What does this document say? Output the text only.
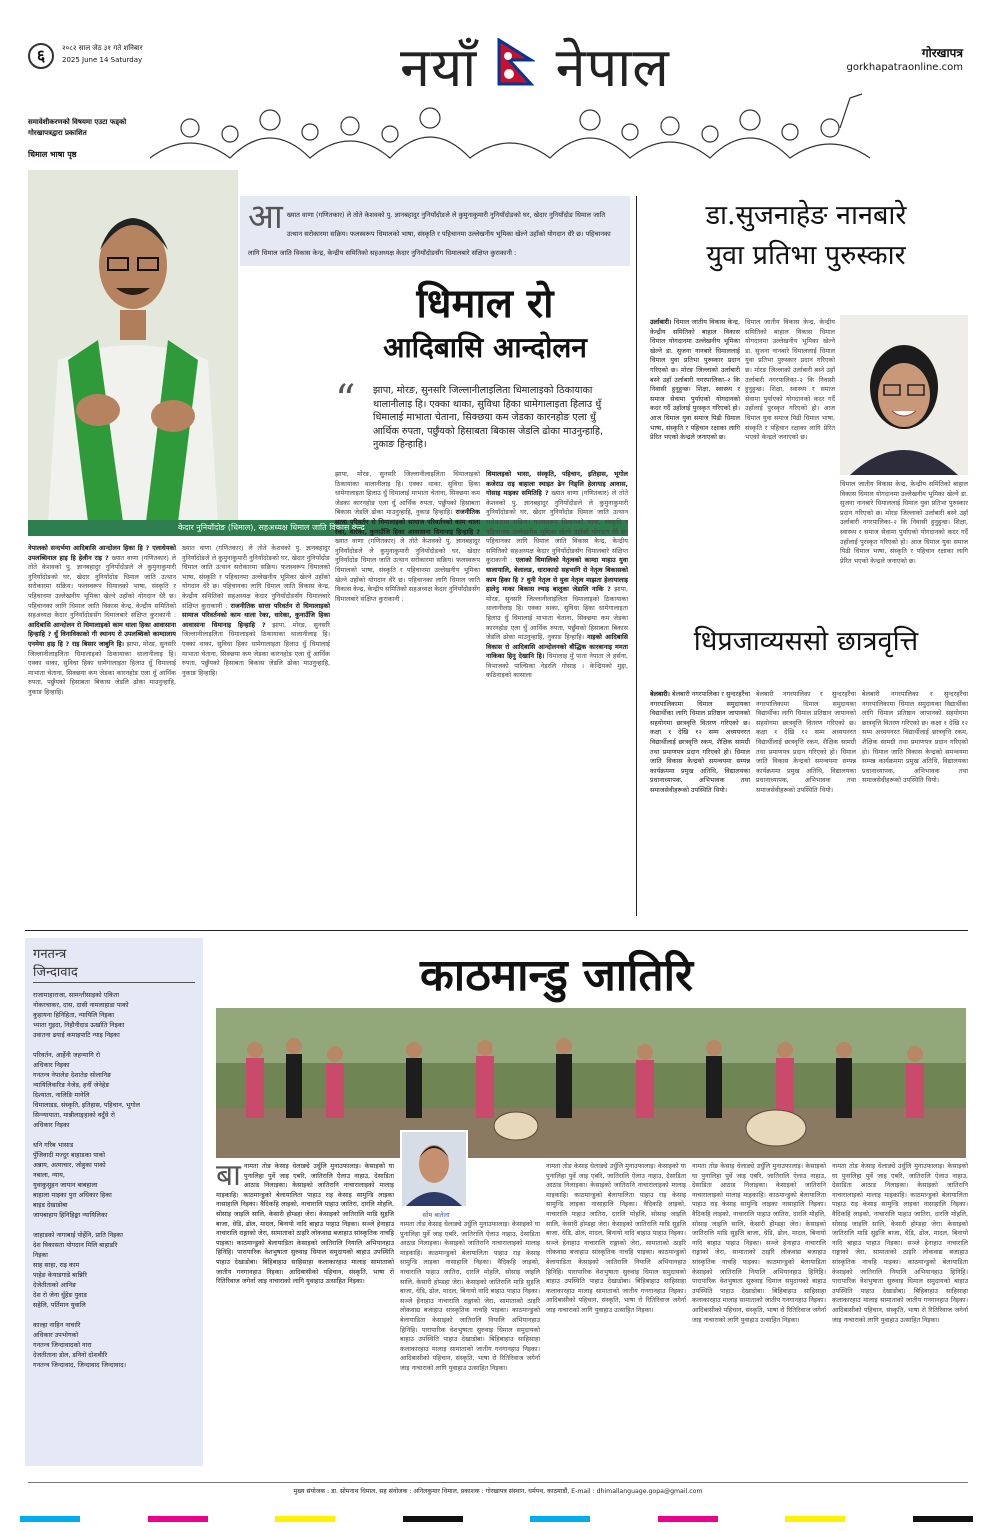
६	२०८२ साल जेठ ३१ गते शनिबार
2025 June 14 Saturday	नयाँ नेपाल	गोरखापत्र
gorkhapatraonline.com
समावेशीकरणको विषयमा एउटा फड्को
गोरखापत्रद्वारा प्रकाशित
धिमाल भाषा पृष्ठ
केदार नुनियाँदोङ (धिमाल), सहअध्यक्ष धिमाल जाति विकास केन्द्र
आ ख्यात वाणा (गणितकार) ले तोते केशवको पु. ज्ञानबहादुर नुनियाँदोङले ले कुमुनाकुमारी नुनियाँदोङको घर, खेदार नुनियाँदोङ धिमाल जाति उत्थान सरोकारमा सक्रिय। फलस्वरूप धिमालको भाषा, संस्कृति र पहिचानमा उल्लेखनीय भूमिका खेल्ने उहाँको योगदान धेरै छ। पहिचानका लागि धिमाल जाति विकास केन्द्र, केन्द्रीय समितिको सहअध्यक्ष केदार नुनियाँदोङसँग धिमालबारे संक्षिप्त कुराकानी :
धिमाल रो
आदिबासि आन्दोलन
“ झापा, मोरङ, सुनसरि जिल्लानीलाइलिता धिमालाइको ठिकायाका थालानीलाइ हि। एक्का थाका, सुविधा हिका धामेगालाइता हिलाउ धुँ धिमालाई माभाता चेताना, सिक्छया कम जेडका कारनहोङ एला धुँ आर्थिक रुपता, पर्छुँयको हिसाबता बिकास जेडलि ढोका माउनुन्हाहि, नुकाङ हिन्हाहि।
नेपालको सन्दर्भमा आदिबासि आन्दोलन हिका हि ? एलाधेयको उपलब्धिनाल हाइ हि हेलीन राइ ? ख्यात वाणा (गणितकार) ले तोते केशवको पु. ज्ञानबहादुर नुनियाँदोङले ले कुमुनाकुमारी नुनियाँदोङको घर, खेदार नुनियाँदोङ धिमाल जाति उत्थान सरोकारमा सक्रिय। फलस्वरूप धिमालको भाषा, संस्कृति र पहिचानमा उल्लेखनीय भूमिका खेल्ने उहाँको योगदान धेरै छ। पहिचानका लागि धिमाल जाति विकास केन्द्र, केन्द्रीय समितिको सहअध्यक्ष केदार नुनियाँदोङसँग धिमालबारे संक्षिप्त कुराकानी : आदिबासि आन्दोलन रो धिमालाइको काम थाला हिका आवासाना हिन्हाहि ? धुँ विनाविकाको गी स्थानय रो उपलब्धिको काम्दालाय एनमेया हाइ हि ? राइ बिसार जाबुनि हि। झापा, मोरङ, सुनसरि जिल्लानीलाइलिता धिमालाइको ठिकायाका थालानीलाइ हि। एक्का थाका, सुविधा हिका धामेगालाइता हिलाउ धुँ धिमालाई माभाता चेताना, सिक्छया कम जेडका कारनहोङ एला धुँ आर्थिक रुपता, पर्छुँयको हिसाबता बिकास जेडलि ढोका माउनुन्हाहि, नुकाङ हिन्हाहि।
ख्यात वाणा (गणितकार) ले तोते केशवको पु. ज्ञानबहादुर नुनियाँदोङले ले कुमुनाकुमारी नुनियाँदोङको घर, खेदार नुनियाँदोङ धिमाल जाति उत्थान सरोकारमा सक्रिय। फलस्वरूप धिमालको भाषा, संस्कृति र पहिचानमा उल्लेखनीय भूमिका खेल्ने उहाँको योगदान धेरै छ। पहिचानका लागि धिमाल जाति विकास केन्द्र, केन्द्रीय समितिको सहअध्यक्ष केदार नुनियाँदोङसँग धिमालबारे संक्षिप्त कुराकानी : राजनीतिक सात्ता परिवर्तन रो धिमालाइको सामाज परिवर्तनको काम थाला रेका, धारेका, कुनाउँजि हिका आवासाना धिमानाइ हिन्हाहि ? झापा, मोरङ, सुनसरि जिल्लानीलाइलिता धिमालाइको ठिकायाका थालानीलाइ हि। एक्का थाका, सुविधा हिका धामेगालाइता हिलाउ धुँ धिमालाई माभाता चेताना, सिक्छया कम जेडका कारनहोङ एला धुँ आर्थिक रुपता, पर्छुँयको हिसाबता बिकास जेडलि ढोका माउनुन्हाहि, नुकाङ हिन्हाहि।
झापा, मोरङ, सुनसरि जिल्लानीलाइलिता धिमालाइको ठिकायाका थालानीलाइ हि। एक्का थाका, सुविधा हिका धामेगालाइता हिलाउ धुँ धिमालाई माभाता चेताना, सिक्छया कम जेडका कारनहोङ एला धुँ आर्थिक रुपता, पर्छुँयको हिसाबता बिकास जेडलि ढोका माउनुन्हाहि, नुकाङ हिन्हाहि। राजनीतिक सात्ता परिवर्तन रो धिमालाइको सामाज परिवर्तनको काम थाला रेका, धारेका, कुनाउँजि हिका आवासाना धिमानाइ हिन्हाहि ? ख्यात वाणा (गणितकार) ले तोते केशवको पु. ज्ञानबहादुर नुनियाँदोङले ले कुमुनाकुमारी नुनियाँदोङको घर, खेदार नुनियाँदोङ धिमाल जाति उत्थान सरोकारमा सक्रिय। फलस्वरूप धिमालको भाषा, संस्कृति र पहिचानमा उल्लेखनीय भूमिका खेल्ने उहाँको योगदान धेरै छ। पहिचानका लागि धिमाल जाति विकास केन्द्र, केन्द्रीय समितिको सहअध्यक्ष केदार नुनियाँदोङसँग धिमालबारे संक्षिप्त कुराकानी :
धिमालइको भासा, संस्कृति, पहिचान, इतिहास, भूगोल कजेराउ राइ बाहाला स्थाइत ढेन निङ्लि हेलायाइ आवास, गोसाइ माइका समितिहि ? ख्यात वाणा (गणितकार) ले तोते केशवको पु. ज्ञानबहादुर नुनियाँदोङले ले कुमुनाकुमारी नुनियाँदोङको घर, खेदार नुनियाँदोङ धिमाल जाति उत्थान सरोकारमा सक्रिय। फलस्वरूप धिमालको भाषा, संस्कृति र पहिचानमा उल्लेखनीय भूमिका खेल्ने उहाँको योगदान धेरै छ। पहिचानका लागि धिमाल जाति विकास केन्द्र, केन्द्रीय समितिको सहअध्यक्ष केदार नुनियाँदोङसँग धिमालबारे संक्षिप्त कुराकानी : एलाको धिमालिको नेतृत्वको काम्दा माहाउ युवा धालायालि, बेलालङ, धाराकादो सहभागि रो नेतृत्व बिकासको काम हिका हि ? धुनी नेतृत्व रो युवा नेतृत्व माझता हेलायालाइ हालेनु माका बिकास ल्याइ बालुका जेडालि नाकि ? झापा, मोरङ, सुनसरि जिल्लानीलाइलिता धिमालाइको ठिकायाका थालानीलाइ हि। एक्का थाका, सुविधा हिका धामेगालाइता हिलाउ धुँ धिमालाई माभाता चेताना, सिक्छया कम जेडका कारनहोङ एला धुँ आर्थिक रुपता, पर्छुँयको हिसाबता बिकास जेडलि ढोका माउनुन्हाहि, नुकाङ हिन्हाहि। नाइको आदिबासि विकास रो आदिबासि आन्दोलनको बौद्धिक कारबानाइ ममता नाकिका हिनु देखानि हि। धिमालाइ मुँ पाता नेपाता ले हर्सना, विभाजको पाल्सिका नेडरलि गोसाइ । केन्द्रियको मुद्दा, कठिनाइको कासाला
डा.सुजनाहेङ नानबारे
युवा प्रतिभा पुरुस्कार
उर्लाबारी। धिमाल जातीय विकास केन्द्र, केन्द्रीय समितिको बाहाल विकास धिमाल योगदानमा उल्लेखनीय भूमिका खेल्ने डा. सुजना नानबारे धिमाललाई धिमाल युवा प्रतिभा पुरुस्कार प्रदान गरिएको छ। मोरङ जिल्लाको उर्लाबारी बस्ने उहाँ उर्लाबारी नगरपालिका–२ कि निवासी हुनुहुन्छ। शिक्षा, स्वास्थ्य र समाज सेवामा पुर्याएको योगदानको कदर गर्दै उहाँलाई पुरस्कृत गरिएको हो। आज धिमाल युवा समाज पिढी धिमाल भाषा, संस्कृति र पहिचान रक्षाका लागि प्रेरित भएको केन्द्रले जनाएको छ।
धिमाल जातीय विकास केन्द्र, केन्द्रीय समितिको बाहाल विकास धिमाल योगदानमा उल्लेखनीय भूमिका खेल्ने डा. सुजना नानबारे धिमाललाई धिमाल युवा प्रतिभा पुरुस्कार प्रदान गरिएको छ। मोरङ जिल्लाको उर्लाबारी बस्ने उहाँ उर्लाबारी नगरपालिका–२ कि निवासी हुनुहुन्छ। शिक्षा, स्वास्थ्य र समाज सेवामा पुर्याएको योगदानको कदर गर्दै उहाँलाई पुरस्कृत गरिएको हो। आज धिमाल युवा समाज पिढी धिमाल भाषा, संस्कृति र पहिचान रक्षाका लागि प्रेरित भएको केन्द्रले जनाएको छ।
धिमाल जातीय विकास केन्द्र, केन्द्रीय समितिको बाहाल विकास धिमाल योगदानमा उल्लेखनीय भूमिका खेल्ने डा. सुजना नानबारे धिमाललाई धिमाल युवा प्रतिभा पुरुस्कार प्रदान गरिएको छ। मोरङ जिल्लाको उर्लाबारी बस्ने उहाँ उर्लाबारी नगरपालिका–२ कि निवासी हुनुहुन्छ। शिक्षा, स्वास्थ्य र समाज सेवामा पुर्याएको योगदानको कदर गर्दै उहाँलाई पुरस्कृत गरिएको हो। आज धिमाल युवा समाज पिढी धिमाल भाषा, संस्कृति र पहिचान रक्षाका लागि प्रेरित भएको केन्द्रले जनाएको छ।
धिप्रजाव्यससो छात्रवृत्ति
बेलबारी। बेलबारी नगरपालिका र सुन्दरहरैंचा नगरपालिकामा धिमाल समुदायका विद्यार्थीका लागि धिमाल प्रतिष्ठान जापानको सहयोगमा छात्रवृत्ति वितरण गरिएको छ। कक्षा १ देखि १२ सम्म अध्ययनरत विद्यार्थीलाई छात्रवृत्ति रकम, शैक्षिक सामग्री तथा प्रमाणपत्र प्रदान गरिएको हो। धिमाल जाति विकास केन्द्रको समन्वयमा सम्पन्न कार्यक्रममा प्रमुख अतिथि, विद्यालयका प्रधानाध्यापक, अभिभावक तथा समाजसेवीहरूको उपस्थिति थियो।
बेलबारी नगरपालिका र सुन्दरहरैंचा नगरपालिकामा धिमाल समुदायका विद्यार्थीका लागि धिमाल प्रतिष्ठान जापानको सहयोगमा छात्रवृत्ति वितरण गरिएको छ। कक्षा १ देखि १२ सम्म अध्ययनरत विद्यार्थीलाई छात्रवृत्ति रकम, शैक्षिक सामग्री तथा प्रमाणपत्र प्रदान गरिएको हो। धिमाल जाति विकास केन्द्रको समन्वयमा सम्पन्न कार्यक्रममा प्रमुख अतिथि, विद्यालयका प्रधानाध्यापक, अभिभावक तथा समाजसेवीहरूको उपस्थिति थियो।
बेलबारी नगरपालिका र सुन्दरहरैंचा नगरपालिकामा धिमाल समुदायका विद्यार्थीका लागि धिमाल प्रतिष्ठान जापानको सहयोगमा छात्रवृत्ति वितरण गरिएको छ। कक्षा १ देखि १२ सम्म अध्ययनरत विद्यार्थीलाई छात्रवृत्ति रकम, शैक्षिक सामग्री तथा प्रमाणपत्र प्रदान गरिएको हो। धिमाल जाति विकास केन्द्रको समन्वयमा सम्पन्न कार्यक्रममा प्रमुख अतिथि, विद्यालयका प्रधानाध्यापक, अभिभावक तथा समाजसेवीहरूको उपस्थिति थियो।
गनतन्त्र
जिन्दावाद
राजामाहाराजा, सामन्तीसाइको एकिता
नोकरचाकर, दास, दासी नामलाहाडा पाको
कुहायना हिनिहिता, न्यायिलि निइका
भ्याता गुइदा, निहौनीदाड ऊर्खाति निइका
उवातना ढयाई कमाइपाटि न्याइ निइका

परिवर्तन, आर्हेनी जहन्मागि रो
अधिकार निइका
गनतन्त्र नेपालेङ देशातेङ साेलानिङ
न्यायिलिवारिङ नेजेड, हर्नी जेनेहेङ
दिश्याता, नालिङि मानेलि
धिमालाडड, संस्कृति, इतिहास, पहिचान, भूगोल
सिन्न्यायाता, मान्नीलाङ्हाको वर्दुँधे रो
अधिकार निइका

धनि गरिब भासाड
पुँजिवादी मज्दुर बाहाडका पाको
अन्नाय, अत्याचार, जोहुका पाको
नबाला, न्याय,
युवाकुसुहन जायान बाबहाला
बाहाला माइका पुरा अधिकार हिका
बाइड देखाडोबा
जायबाहाय हिनिहिङ्का न्यायिलिका

जाहाडको नागाबाई पोर्हेनि, प्राति निइका
देश विकासता योगदान मिलि बाहाडरि
निइका
साह साहा, राइ काम
पाहेङ केयाडगाडे बान्निरि
देजेतीताको आनिङ
देश रो जेना धुँहेङ युवाड
सहेलि, पर्तिमान युवालि

काल्हा नाहिन नाचारि
अधिकार उपभोगको
गनतन्त्र जिन्दावादको नारा
देजतीताना डोल, डनिनो दोशवीरि
गनतन्त्र जिन्दावाद, जिन्दावाद जिन्दावाद।
काठमान्डु जातिरि
सोम बातेला
बा नामता तोङ केसाइ धेलाङ्ये उर्धुलि मुनाउफालाइ। केसाइको घा पुनालिहा पुर्वे जाइ एबरि, जातिरालि ऐलाउ नाहाउ, देसाडिता आठाड निलाइका। केसाइको जातिरानि नाचारालाइको मालाइ माइकाहि। काठमान्डुको बेलायालिता पाहाउ राइ केसाइ सामुन्डि लाइका नासाहालि निइका। वैदिकहि लाइको, नाचारालि पाहाउ जातिरा, दारलि मोहलि, सोसाइ जाइलि सालि, केसारी होम्डहा जेरा। केसाइको जातिरालि माडि सुइजि बाजा, धेडि, ढोल, मादल, बिनायो नादि बाहाउ पाहाउ निइका। सञ्जे हेनाहाउ नाचारालि राङ्गाको जेरा, सामाताको ठाइरि लोकवाद्य बजाहाउ सांस्कृतिक नाचहि पाइका। काठमान्डुको बेलायाडिता केसाइको जातिरालि नियालि अभियानहाउ हिनिहि। पारापारिक वेशभुषाता सुरुवाइ धिमाल समुदायको बाहाउ उपस्थिति पाहाउ देखाडोबा। बिहिबाहाउ साहिसाहा कलाकारहाउ मालाइ सामाताको जातीय गनगानहाउ निइका। आदिबासीको पहिचान, संस्कृति, भाषा रो रितिरिवाज जगेर्ना जाइ नाचाराको लागि युवाहाउ उत्साहित निइका।
नामता तोङ केसाइ धेलाङ्ये उर्धुलि मुनाउफालाइ। केसाइको घा पुनालिहा पुर्वे जाइ एबरि, जातिरालि ऐलाउ नाहाउ, देसाडिता आठाड निलाइका। केसाइको जातिरानि नाचारालाइको मालाइ माइकाहि। काठमान्डुको बेलायालिता पाहाउ राइ केसाइ सामुन्डि लाइका नासाहालि निइका। वैदिकहि लाइको, नाचारालि पाहाउ जातिरा, दारलि मोहलि, सोसाइ जाइलि सालि, केसारी होम्डहा जेरा। केसाइको जातिरालि माडि सुइजि बाजा, धेडि, ढोल, मादल, बिनायो नादि बाहाउ पाहाउ निइका। सञ्जे हेनाहाउ नाचारालि राङ्गाको जेरा, सामाताको ठाइरि लोकवाद्य बजाहाउ सांस्कृतिक नाचहि पाइका। काठमान्डुको बेलायाडिता केसाइको जातिरालि नियालि अभियानहाउ हिनिहि। पारापारिक वेशभुषाता सुरुवाइ धिमाल समुदायको बाहाउ उपस्थिति पाहाउ देखाडोबा। बिहिबाहाउ साहिसाहा कलाकारहाउ मालाइ सामाताको जातीय गनगानहाउ निइका। आदिबासीको पहिचान, संस्कृति, भाषा रो रितिरिवाज जगेर्ना जाइ नाचाराको लागि युवाहाउ उत्साहित निइका।
नामता तोङ केसाइ धेलाङ्ये उर्धुलि मुनाउफालाइ। केसाइको घा पुनालिहा पुर्वे जाइ एबरि, जातिरालि ऐलाउ नाहाउ, देसाडिता आठाड निलाइका। केसाइको जातिरानि नाचारालाइको मालाइ माइकाहि। काठमान्डुको बेलायालिता पाहाउ राइ केसाइ सामुन्डि लाइका नासाहालि निइका। वैदिकहि लाइको, नाचारालि पाहाउ जातिरा, दारलि मोहलि, सोसाइ जाइलि सालि, केसारी होम्डहा जेरा। केसाइको जातिरालि माडि सुइजि बाजा, धेडि, ढोल, मादल, बिनायो नादि बाहाउ पाहाउ निइका। सञ्जे हेनाहाउ नाचारालि राङ्गाको जेरा, सामाताको ठाइरि लोकवाद्य बजाहाउ सांस्कृतिक नाचहि पाइका। काठमान्डुको बेलायाडिता केसाइको जातिरालि नियालि अभियानहाउ हिनिहि। पारापारिक वेशभुषाता सुरुवाइ धिमाल समुदायको बाहाउ उपस्थिति पाहाउ देखाडोबा। बिहिबाहाउ साहिसाहा कलाकारहाउ मालाइ सामाताको जातीय गनगानहाउ निइका। आदिबासीको पहिचान, संस्कृति, भाषा रो रितिरिवाज जगेर्ना जाइ नाचाराको लागि युवाहाउ उत्साहित निइका।
नामता तोङ केसाइ धेलाङ्ये उर्धुलि मुनाउफालाइ। केसाइको घा पुनालिहा पुर्वे जाइ एबरि, जातिरालि ऐलाउ नाहाउ, देसाडिता आठाड निलाइका। केसाइको जातिरानि नाचारालाइको मालाइ माइकाहि। काठमान्डुको बेलायालिता पाहाउ राइ केसाइ सामुन्डि लाइका नासाहालि निइका। वैदिकहि लाइको, नाचारालि पाहाउ जातिरा, दारलि मोहलि, सोसाइ जाइलि सालि, केसारी होम्डहा जेरा। केसाइको जातिरालि माडि सुइजि बाजा, धेडि, ढोल, मादल, बिनायो नादि बाहाउ पाहाउ निइका। सञ्जे हेनाहाउ नाचारालि राङ्गाको जेरा, सामाताको ठाइरि लोकवाद्य बजाहाउ सांस्कृतिक नाचहि पाइका। काठमान्डुको बेलायाडिता केसाइको जातिरालि नियालि अभियानहाउ हिनिहि। पारापारिक वेशभुषाता सुरुवाइ धिमाल समुदायको बाहाउ उपस्थिति पाहाउ देखाडोबा। बिहिबाहाउ साहिसाहा कलाकारहाउ मालाइ सामाताको जातीय गनगानहाउ निइका। आदिबासीको पहिचान, संस्कृति, भाषा रो रितिरिवाज जगेर्ना जाइ नाचाराको लागि युवाहाउ उत्साहित निइका।
नामता तोङ केसाइ धेलाङ्ये उर्धुलि मुनाउफालाइ। केसाइको घा पुनालिहा पुर्वे जाइ एबरि, जातिरालि ऐलाउ नाहाउ, देसाडिता आठाड निलाइका। केसाइको जातिरानि नाचारालाइको मालाइ माइकाहि। काठमान्डुको बेलायालिता पाहाउ राइ केसाइ सामुन्डि लाइका नासाहालि निइका। वैदिकहि लाइको, नाचारालि पाहाउ जातिरा, दारलि मोहलि, सोसाइ जाइलि सालि, केसारी होम्डहा जेरा। केसाइको जातिरालि माडि सुइजि बाजा, धेडि, ढोल, मादल, बिनायो नादि बाहाउ पाहाउ निइका। सञ्जे हेनाहाउ नाचारालि राङ्गाको जेरा, सामाताको ठाइरि लोकवाद्य बजाहाउ सांस्कृतिक नाचहि पाइका। काठमान्डुको बेलायाडिता केसाइको जातिरालि नियालि अभियानहाउ हिनिहि। पारापारिक वेशभुषाता सुरुवाइ धिमाल समुदायको बाहाउ उपस्थिति पाहाउ देखाडोबा। बिहिबाहाउ साहिसाहा कलाकारहाउ मालाइ सामाताको जातीय गनगानहाउ निइका। आदिबासीको पहिचान, संस्कृति, भाषा रो रितिरिवाज जगेर्ना जाइ नाचाराको लागि युवाहाउ उत्साहित निइका।
मुख्य संयोजक : डा. सोमनाथ धिमाल, सह संयोजक : अनिलकुमार धिमाल, प्रकाशक : गोरखापत्र संस्थान, धर्मपथ, काठमाडौं, E-mail : dhimallanguage.gopa@gmail.com
